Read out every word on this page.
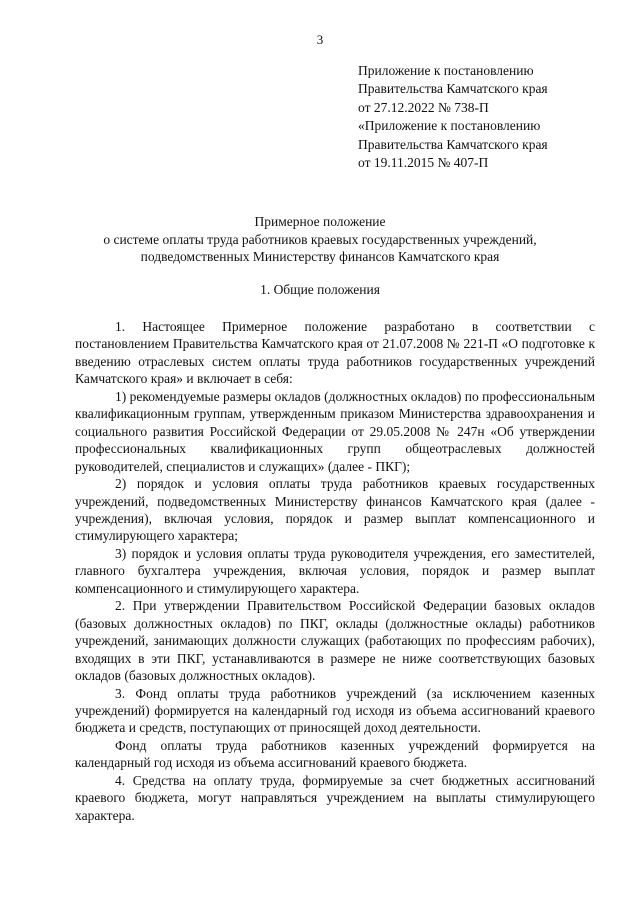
3
Приложение к постановлению
Правительства Камчатского края
от 27.12.2022 № 738-П
«Приложение к постановлению
Правительства Камчатского края
от 19.11.2015 № 407-П
Примерное положение
о системе оплаты труда работников краевых государственных учреждений,
подведомственных Министерству финансов Камчатского края
1. Общие положения

1. Настоящее Примерное положение разработано в соответствии с постановлением Правительства Камчатского края от 21.07.2008 № 221-П «О подготовке к введению отраслевых систем оплаты труда работников государственных учреждений Камчатского края» и включает в себя:

1) рекомендуемые размеры окладов (должностных окладов) по профессиональным квалификационным группам, утвержденным приказом Министерства здравоохранения и социального развития Российской Федерации от 29.05.2008 № 247н «Об утверждении профессиональных квалификационных групп общеотраслевых должностей руководителей, специалистов и служащих» (далее - ПКГ);

2) порядок и условия оплаты труда работников краевых государственных учреждений, подведомственных Министерству финансов Камчатского края (далее - учреждения), включая условия, порядок и размер выплат компенсационного и стимулирующего характера;

3) порядок и условия оплаты труда руководителя учреждения, его заместителей, главного бухгалтера учреждения, включая условия, порядок и размер выплат компенсационного и стимулирующего характера.

2. При утверждении Правительством Российской Федерации базовых окладов (базовых должностных окладов) по ПКГ, оклады (должностные оклады) работников учреждений, занимающих должности служащих (работающих по профессиям рабочих), входящих в эти ПКГ, устанавливаются в размере не ниже соответствующих базовых окладов (базовых должностных окладов).

3. Фонд оплаты труда работников учреждений (за исключением казенных учреждений) формируется на календарный год исходя из объема ассигнований краевого бюджета и средств, поступающих от приносящей доход деятельности.

Фонд оплаты труда работников казенных учреждений формируется на календарный год исходя из объема ассигнований краевого бюджета.

4. Средства на оплату труда, формируемые за счет бюджетных ассигнований краевого бюджета, могут направляться учреждением на выплаты стимулирующего характера.
